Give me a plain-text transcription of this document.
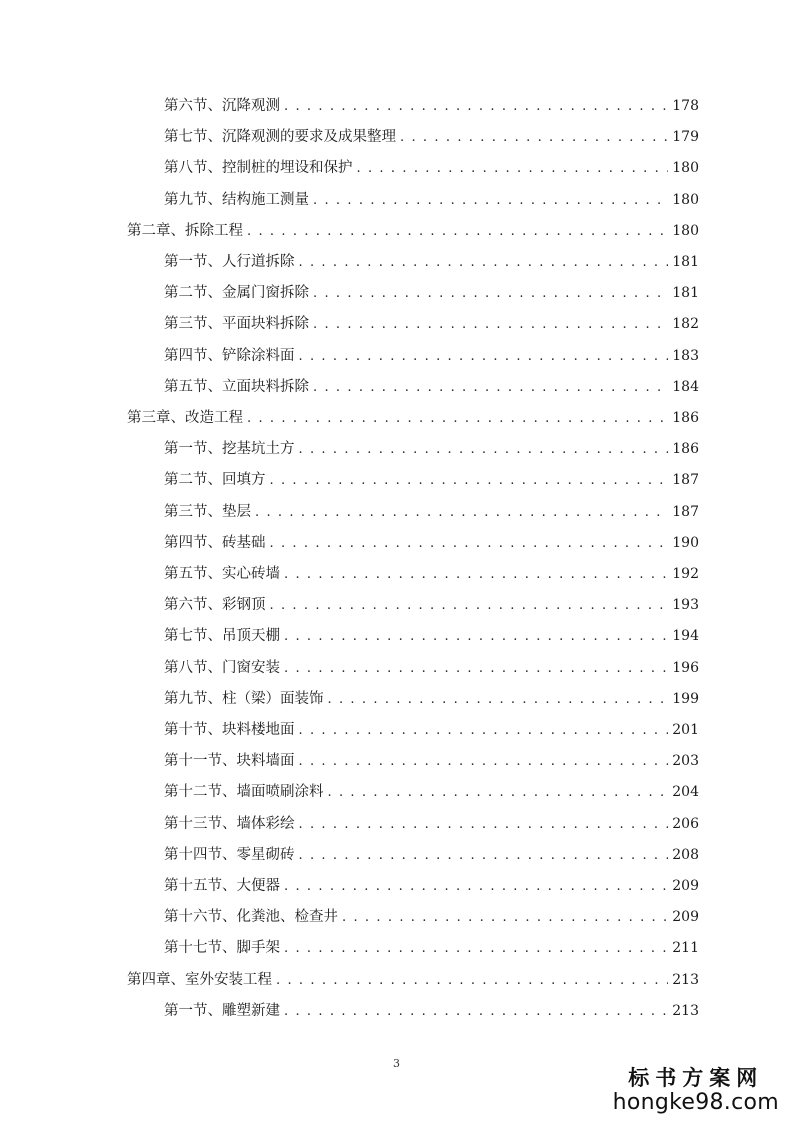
第六节、沉降观测 . . .	178
第七节、沉降观测的要求及成果整理 . . .	179
第八节、控制桩的埋设和保护 . . .	180
第九节、结构施工测量 . . .	180
第二章、拆除工程 . . .	180
第一节、人行道拆除 . . .	181
第二节、金属门窗拆除 . . .	181
第三节、平面块料拆除 . . .	182
第四节、铲除涂料面 . . .	183
第五节、立面块料拆除 . . .	184
第三章、改造工程 . . .	186
第一节、挖基坑土方 . . .	186
第二节、回填方 . . .	187
第三节、垫层 . . .	187
第四节、砖基础 . . .	190
第五节、实心砖墙 . . .	192
第六节、彩钢顶 . . .	193
第七节、吊顶天棚 . . .	194
第八节、门窗安装 . . .	196
第九节、柱（梁）面装饰 . . .	199
第十节、块料楼地面 . . .	201
第十一节、块料墙面 . . .	203
第十二节、墙面喷刷涂料 . . .	204
第十三节、墙体彩绘 . . .	206
第十四节、零星砌砖 . . .	208
第十五节、大便器 . . .	209
第十六节、化粪池、检查井 . . .	209
第十七节、脚手架 . . .	211
第四章、室外安装工程 . . .	213
第一节、雕塑新建 . . .	213
3
标书方案网
hongke98.com
